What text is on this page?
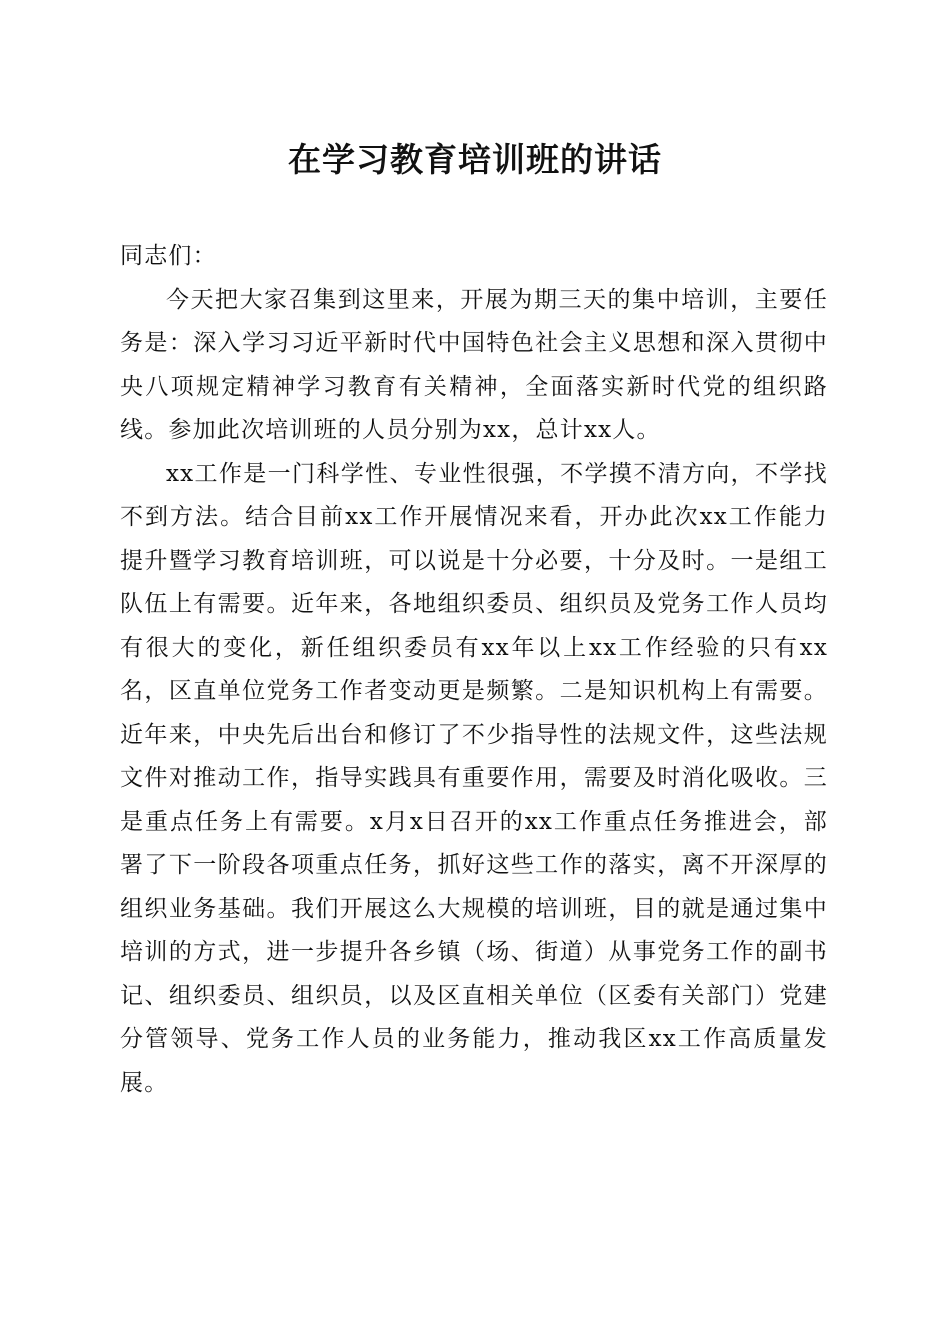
在学习教育培训班的讲话

同志们：

今天把大家召集到这里来，开展为期三天的集中培训，主要任务是：深入学习习近平新时代中国特色社会主义思想和深入贯彻中央八项规定精神学习教育有关精神，全面落实新时代党的组织路线。参加此次培训班的人员分别为xx，总计xx人。

xx工作是一门科学性、专业性很强，不学摸不清方向，不学找不到方法。结合目前xx工作开展情况来看，开办此次xx工作能力提升暨学习教育培训班，可以说是十分必要，十分及时。一是组工队伍上有需要。近年来，各地组织委员、组织员及党务工作人员均有很大的变化，新任组织委员有xx年以上xx工作经验的只有xx名，区直单位党务工作者变动更是频繁。二是知识机构上有需要。近年来，中央先后出台和修订了不少指导性的法规文件，这些法规文件对推动工作，指导实践具有重要作用，需要及时消化吸收。三是重点任务上有需要。x月x日召开的xx工作重点任务推进会，部署了下一阶段各项重点任务，抓好这些工作的落实，离不开深厚的组织业务基础。我们开展这么大规模的培训班，目的就是通过集中培训的方式，进一步提升各乡镇（场、街道）从事党务工作的副书记、组织委员、组织员，以及区直相关单位（区委有关部门）党建分管领导、党务工作人员的业务能力，推动我区xx工作高质量发展。
